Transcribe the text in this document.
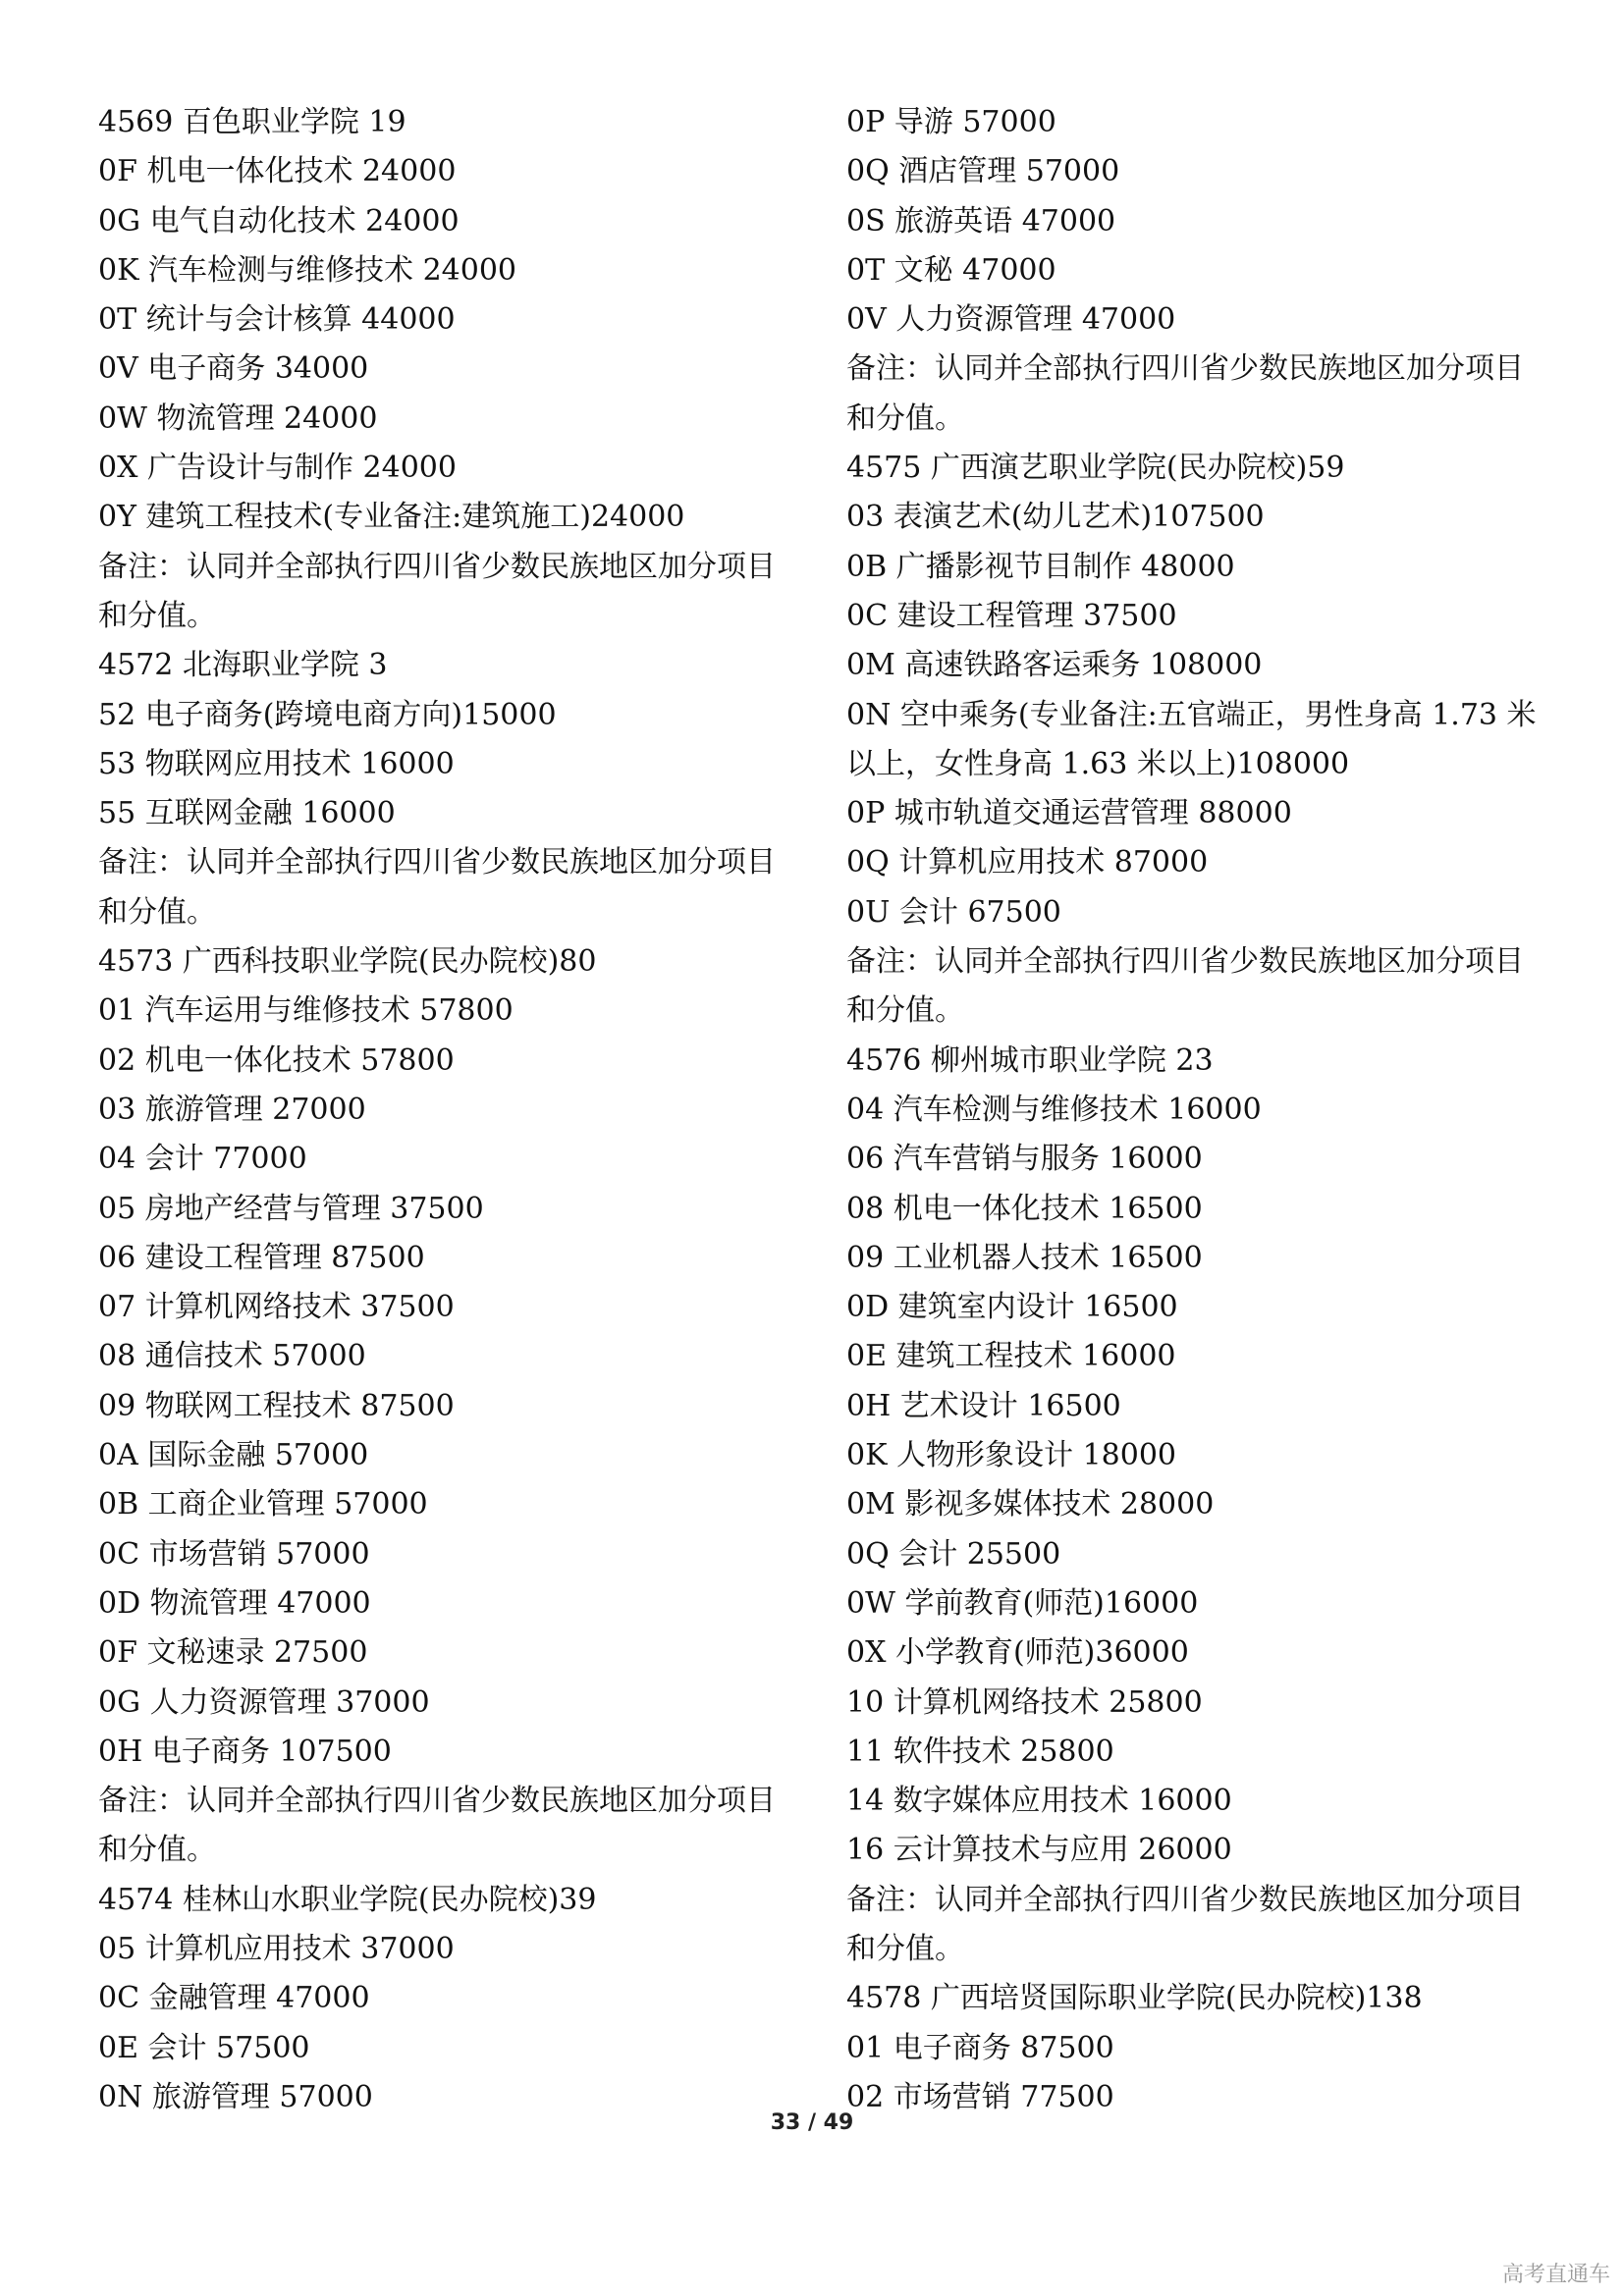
4569 百色职业学院 19
0F 机电一体化技术 24000
0G 电气自动化技术 24000
0K 汽车检测与维修技术 24000
0T 统计与会计核算 44000
0V 电子商务 34000
0W 物流管理 24000
0X 广告设计与制作 24000
0Y 建筑工程技术(专业备注:建筑施工)24000
备注：认同并全部执行四川省少数民族地区加分项目
和分值。
4572 北海职业学院 3
52 电子商务(跨境电商方向)15000
53 物联网应用技术 16000
55 互联网金融 16000
备注：认同并全部执行四川省少数民族地区加分项目
和分值。
4573 广西科技职业学院(民办院校)80
01 汽车运用与维修技术 57800
02 机电一体化技术 57800
03 旅游管理 27000
04 会计 77000
05 房地产经营与管理 37500
06 建设工程管理 87500
07 计算机网络技术 37500
08 通信技术 57000
09 物联网工程技术 87500
0A 国际金融 57000
0B 工商企业管理 57000
0C 市场营销 57000
0D 物流管理 47000
0F 文秘速录 27500
0G 人力资源管理 37000
0H 电子商务 107500
备注：认同并全部执行四川省少数民族地区加分项目
和分值。
4574 桂林山水职业学院(民办院校)39
05 计算机应用技术 37000
0C 金融管理 47000
0E 会计 57500
0N 旅游管理 57000
0P 导游 57000
0Q 酒店管理 57000
0S 旅游英语 47000
0T 文秘 47000
0V 人力资源管理 47000
备注：认同并全部执行四川省少数民族地区加分项目
和分值。
4575 广西演艺职业学院(民办院校)59
03 表演艺术(幼儿艺术)107500
0B 广播影视节目制作 48000
0C 建设工程管理 37500
0M 高速铁路客运乘务 108000
0N 空中乘务(专业备注:五官端正，男性身高 1.73 米
以上，女性身高 1.63 米以上)108000
0P 城市轨道交通运营管理 88000
0Q 计算机应用技术 87000
0U 会计 67500
备注：认同并全部执行四川省少数民族地区加分项目
和分值。
4576 柳州城市职业学院 23
04 汽车检测与维修技术 16000
06 汽车营销与服务 16000
08 机电一体化技术 16500
09 工业机器人技术 16500
0D 建筑室内设计 16500
0E 建筑工程技术 16000
0H 艺术设计 16500
0K 人物形象设计 18000
0M 影视多媒体技术 28000
0Q 会计 25500
0W 学前教育(师范)16000
0X 小学教育(师范)36000
10 计算机网络技术 25800
11 软件技术 25800
14 数字媒体应用技术 16000
16 云计算技术与应用 26000
备注：认同并全部执行四川省少数民族地区加分项目
和分值。
4578 广西培贤国际职业学院(民办院校)138
01 电子商务 87500
02 市场营销 77500
33 / 49
高考直通车
